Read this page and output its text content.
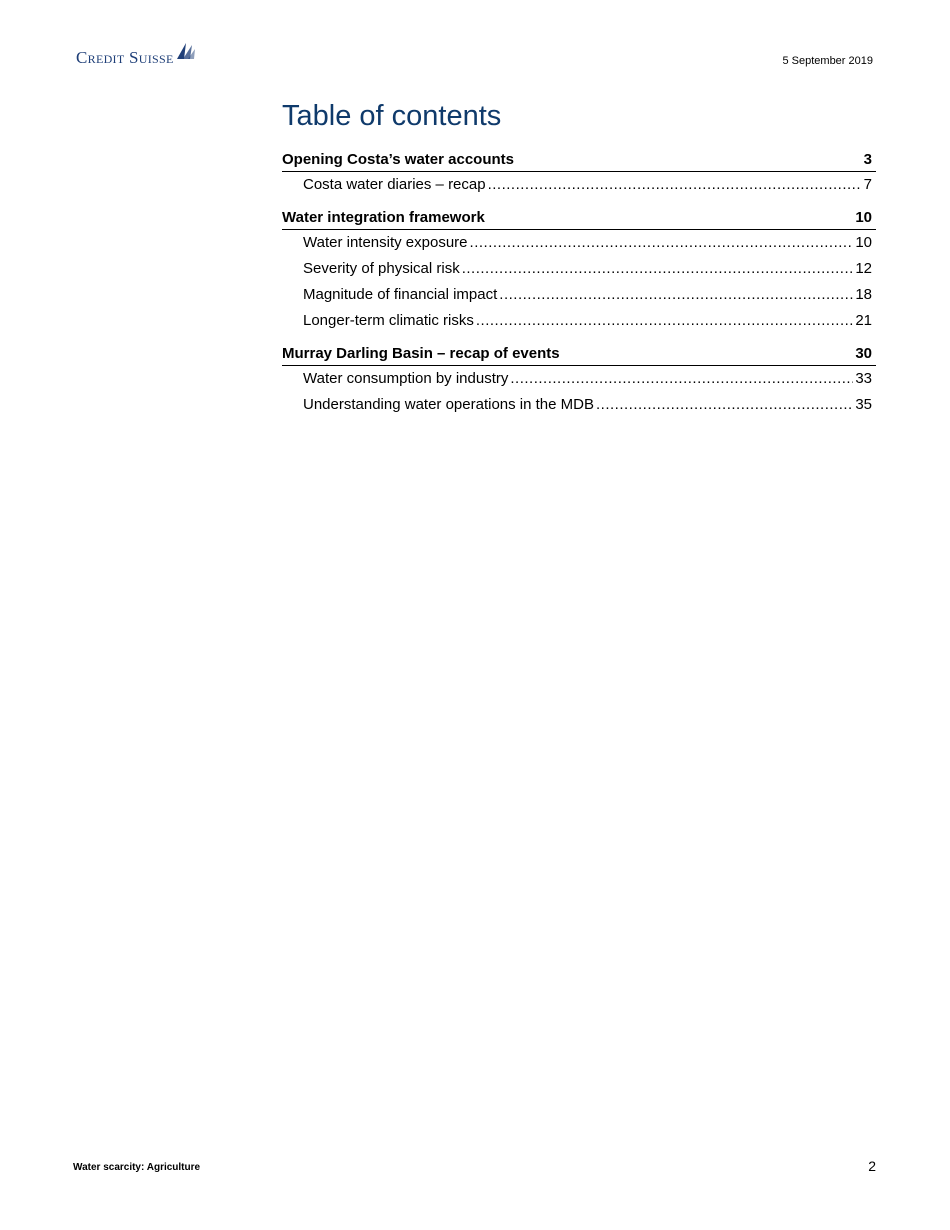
Credit Suisse	5 September 2019
Table of contents
Opening Costa’s water accounts	3
Costa water diaries – recap .....	7
Water integration framework	10
Water intensity exposure .....	10
Severity of physical risk .....	12
Magnitude of financial impact .....	18
Longer-term climatic risks .....	21
Murray Darling Basin – recap of events	30
Water consumption by industry .....	33
Understanding water operations in the MDB .....	35
Water scarcity: Agriculture	2
